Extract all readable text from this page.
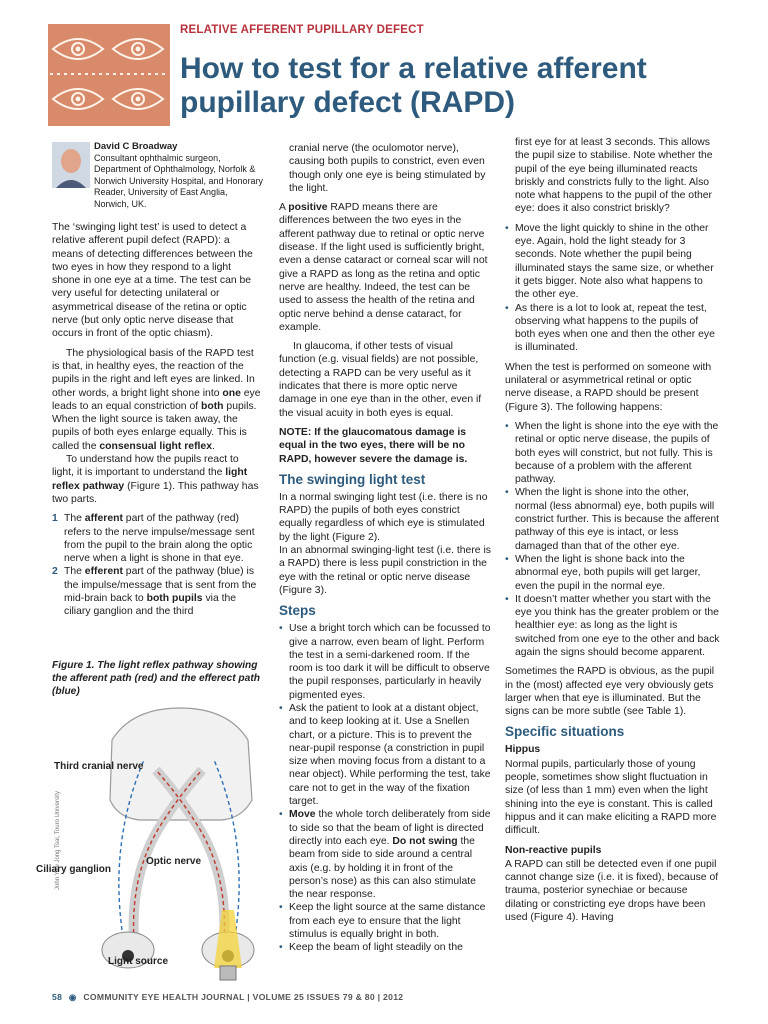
RELATIVE AFFERENT PUPILLARY DEFECT
How to test for a relative afferent pupillary defect (RAPD)
David C Broadway
Consultant ophthalmic surgeon, Department of Ophthalmology, Norfolk & Norwich University Hospital, and Honorary Reader, University of East Anglia, Norwich, UK.

The ‘swinging light test’ is used to detect a relative afferent pupil defect (RAPD): a means of detecting differences between the two eyes in how they respond to a light shone in one eye at a time. The test can be very useful for detecting unilateral or asymmetrical disease of the retina or optic nerve (but only optic nerve disease that occurs in front of the optic chiasm).

The physiological basis of the RAPD test is that, in healthy eyes, the reaction of the pupils in the right and left eyes are linked. In other words, a bright light shone into one eye leads to an equal constriction of both pupils. When the light source is taken away, the pupils of both eyes enlarge equally. This is called the consensual light reflex.

To understand how the pupils react to light, it is important to understand the light reflex pathway (Figure 1). This pathway has two parts.

1 The afferent part of the pathway (red) refers to the nerve impulse/message sent from the pupil to the brain along the optic nerve when a light is shone in that eye.
2 The efferent part of the pathway (blue) is the impulse/message that is sent from the mid-brain back to both pupils via the ciliary ganglion and the third
Figure 1. The light reflex pathway showing the afferent path (red) and the efferect path (blue)
John Yaw Jong Tsai, Touro University
Third cranial nerve
Ciliary ganglion
Optic nerve
Light source

cranial nerve (the oculomotor nerve), causing both pupils to constrict, even even though only one eye is being stimulated by the light.

A positive RAPD means there are differences between the two eyes in the afferent pathway due to retinal or optic nerve disease. If the light used is sufficiently bright, even a dense cataract or corneal scar will not give a RAPD as long as the retina and optic nerve are healthy. Indeed, the test can be used to assess the health of the retina and optic nerve behind a dense cataract, for example.

In glaucoma, if other tests of visual function (e.g. visual fields) are not possible, detecting a RAPD can be very useful as it indicates that there is more optic nerve damage in one eye than in the other, even if the visual acuity in both eyes is equal.

NOTE: If the glaucomatous damage is equal in the two eyes, there will be no RAPD, however severe the damage is.

The swinging light test

In a normal swinging light test (i.e. there is no RAPD) the pupils of both eyes constrict equally regardless of which eye is stimulated by the light (Figure 2).

In an abnormal swinging-light test (i.e. there is a RAPD) there is less pupil constriction in the eye with the retinal or optic nerve disease (Figure 3).

Steps
• Use a bright torch which can be focussed to give a narrow, even beam of light. Perform the test in a semi-darkened room. If the room is too dark it will be difficult to observe the pupil responses, particularly in heavily pigmented eyes.
• Ask the patient to look at a distant object, and to keep looking at it. Use a Snellen chart, or a picture. This is to prevent the near-pupil response (a constriction in pupil size when moving focus from a distant to a near object). While performing the test, take care not to get in the way of the fixation target.
• Move the whole torch deliberately from side to side so that the beam of light is directed directly into each eye. Do not swing the beam from side to side around a central axis (e.g. by holding it in front of the person’s nose) as this can also stimulate the near response.
• Keep the light source at the same distance from each eye to ensure that the light stimulus is equally bright in both.
• Keep the beam of light steadily on the

first eye for at least 3 seconds. This allows the pupil size to stabilise. Note whether the pupil of the eye being illuminated reacts briskly and constricts fully to the light. Also note what happens to the pupil of the other eye: does it also constrict briskly?

• Move the light quickly to shine in the other eye. Again, hold the light steady for 3 seconds. Note whether the pupil being illuminated stays the same size, or whether it gets bigger. Note also what happens to the other eye.
• As there is a lot to look at, repeat the test, observing what happens to the pupils of both eyes when one and then the other eye is illuminated.

When the test is performed on someone with unilateral or asymmetrical retinal or optic nerve disease, a RAPD should be present (Figure 3). The following happens:

• When the light is shone into the eye with the retinal or optic nerve disease, the pupils of both eyes will constrict, but not fully. This is because of a problem with the afferent pathway.
• When the light is shone into the other, normal (less abnormal) eye, both pupils will constrict further. This is because the afferent pathway of this eye is intact, or less damaged than that of the other eye.
• When the light is shone back into the abnormal eye, both pupils will get larger, even the pupil in the normal eye.
• It doesn’t matter whether you start with the eye you think has the greater problem or the healthier eye: as long as the light is switched from one eye to the other and back again the signs should become apparent.

Sometimes the RAPD is obvious, as the pupil in the (most) affected eye very obviously gets larger when that eye is illuminated. But the signs can be more subtle (see Table 1).

Specific situations
Hippus

Normal pupils, particularly those of young people, sometimes show slight fluctuation in size (of less than 1 mm) even when the light shining into the eye is constant. This is called hippus and it can make eliciting a RAPD more difficult.

Non-reactive pupils

A RAPD can still be detected even if one pupil cannot change size (i.e. it is fixed), because of trauma, posterior synechiae or because dilating or constricting eye drops have been used (Figure 4). Having

58 ◉ COMMUNITY EYE HEALTH JOURNAL | VOLUME 25 ISSUES 79 & 80 | 2012
